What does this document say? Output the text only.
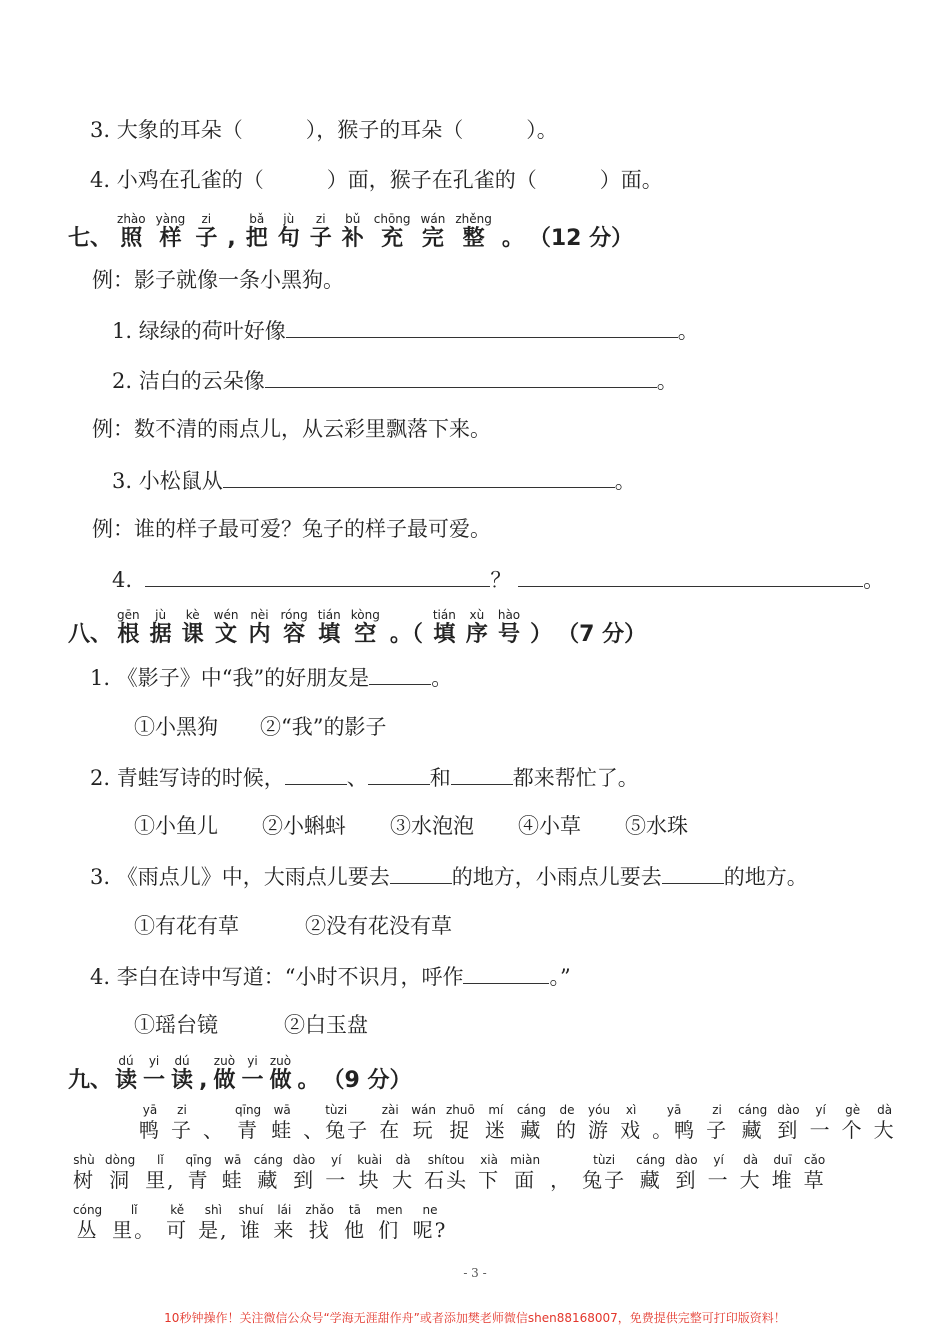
3. 大象的耳朵（　　　），猴子的耳朵（　　　）。
4. 小鸡在孔雀的（　　　）面，猴子在孔雀的（　　　）面。

七、
zhào
照
yàng
样
zi
子
,
bǎ
把
jù
句
zi
子
bǔ
补
chōng
充
wán
完
zhěng
整
。
（12 分）
例：影子就像一条小黑狗。
1. 绿绿的荷叶好像	。
2. 洁白的云朵像	。
例：数不清的雨点儿，从云彩里飘落下来。
3. 小松鼠从	。
例：谁的样子最可爱？兔子的样子最可爱。
4.	？	。

八、
gēn
根
jù
据
kè
课
wén
文
nèi
内
róng
容
tián
填
kòng
空
。（
tián
填
xù
序
hào
号
）
（7 分）
1. 《影子》中“我”的好朋友是	。
①小黑狗　　②“我”的影子
2. 青蛙写诗的时候，	、	和	都来帮忙了。
①小鱼儿 ②小蝌蚪 ③水泡泡 ④小草 ⑤水珠
3. 《雨点儿》中，大雨点儿要去	的地方，小雨点儿要去	的地方。
①有花有草	②没有花没有草
4. 李白在诗中写道：“小时不识月，呼作	。”
①瑶台镜	②白玉盘

九、
dú
读
yi
一
dú
读
,
zuò
做
yi
一
zuò
做
。
（9 分）
yā
鸭
zi
子
、
qīng
青
wā
蛙
tùzi
、兔子
zài
在
wán
玩
zhuō
捉
mí
迷
cáng
藏
de
的
yóu
游
xì
戏
yā
。鸭
zi
子
cáng
藏
dào
到
yí
一
gè
个
dà
大
shù
树
dòng
洞
lǐ
里,
qīng
青
wā
蛙
cáng
藏
dào
到
yí
一
kuài
块
dà
大
shítou
石头
xià
下
miàn
面
，
tùzi
兔子
cáng
藏
dào
到
yí
一
dà
大
duī
堆
cǎo
草
cóng
丛
lǐ
里。
kě
可
shì
是,
shuí
谁
lái
来
zhǎo
找
tā
他
men
们
ne
呢?
- 3 -
10秒钟操作！关注微信公众号“学海无涯甜作舟”或者添加樊老师微信shen88168007，免费提供完整可打印版资料！
